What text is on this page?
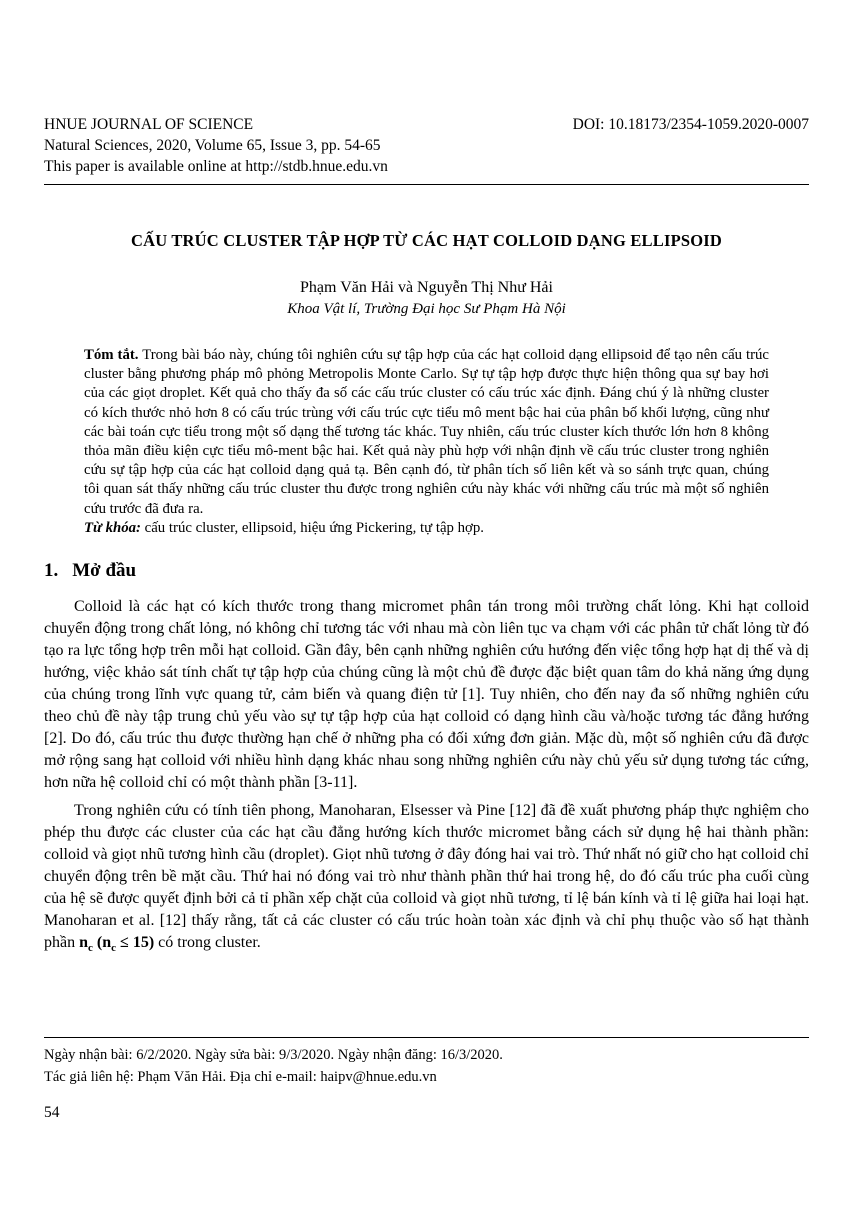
HNUE JOURNAL OF SCIENCE	DOI: 10.18173/2354-1059.2020-0007
Natural Sciences, 2020, Volume 65, Issue 3, pp. 54-65
This paper is available online at http://stdb.hnue.edu.vn
CẤU TRÚC CLUSTER TẬP HỢP TỪ CÁC HẠT COLLOID DẠNG ELLIPSOID
Phạm Văn Hải và Nguyễn Thị Như Hải
Khoa Vật lí, Trường Đại học Sư Phạm Hà Nội
Tóm tắt. Trong bài báo này, chúng tôi nghiên cứu sự tập hợp của các hạt colloid dạng ellipsoid để tạo nên cấu trúc cluster bằng phương pháp mô phỏng Metropolis Monte Carlo. Sự tự tập hợp được thực hiện thông qua sự bay hơi của các giọt droplet. Kết quả cho thấy đa số các cấu trúc cluster có cấu trúc xác định. Đáng chú ý là những cluster có kích thước nhỏ hơn 8 có cấu trúc trùng với cấu trúc cực tiểu mô ment bậc hai của phân bố khối lượng, cũng như các bài toán cực tiểu trong một số dạng thế tương tác khác. Tuy nhiên, cấu trúc cluster kích thước lớn hơn 8 không thỏa mãn điều kiện cực tiểu mô-ment bậc hai. Kết quả này phù hợp với nhận định về cấu trúc cluster trong nghiên cứu sự tập hợp của các hạt colloid dạng quả tạ. Bên cạnh đó, từ phân tích số liên kết và so sánh trực quan, chúng tôi quan sát thấy những cấu trúc cluster thu được trong nghiên cứu này khác với những cấu trúc mà một số nghiên cứu trước đã đưa ra.
Từ khóa: cấu trúc cluster, ellipsoid, hiệu ứng Pickering, tự tập hợp.
1. Mở đầu

Colloid là các hạt có kích thước trong thang micromet phân tán trong môi trường chất lỏng. Khi hạt colloid chuyển động trong chất lỏng, nó không chỉ tương tác với nhau mà còn liên tục va chạm với các phân tử chất lỏng từ đó tạo ra lực tổng hợp trên mỗi hạt colloid. Gần đây, bên cạnh những nghiên cứu hướng đến việc tổng hợp hạt dị thế và dị hướng, việc khảo sát tính chất tự tập hợp của chúng cũng là một chủ đề được đặc biệt quan tâm do khả năng ứng dụng của chúng trong lĩnh vực quang tử, cảm biến và quang điện tử [1]. Tuy nhiên, cho đến nay đa số những nghiên cứu theo chủ đề này tập trung chủ yếu vào sự tự tập hợp của hạt colloid có dạng hình cầu và/hoặc tương tác đẳng hướng [2]. Do đó, cấu trúc thu được thường hạn chế ở những pha có đối xứng đơn giản. Mặc dù, một số nghiên cứu đã được mở rộng sang hạt colloid với nhiều hình dạng khác nhau song những nghiên cứu này chủ yếu sử dụng tương tác cứng, hơn nữa hệ colloid chỉ có một thành phần [3-11].

Trong nghiên cứu có tính tiên phong, Manoharan, Elsesser và Pine [12] đã đề xuất phương pháp thực nghiệm cho phép thu được các cluster của các hạt cầu đẳng hướng kích thước micromet bằng cách sử dụng hệ hai thành phần: colloid và giọt nhũ tương hình cầu (droplet). Giọt nhũ tương ở đây đóng hai vai trò. Thứ nhất nó giữ cho hạt colloid chỉ chuyển động trên bề mặt cầu. Thứ hai nó đóng vai trò như thành phần thứ hai trong hệ, do đó cấu trúc pha cuối cùng của hệ sẽ được quyết định bởi cả tỉ phần xếp chặt của colloid và giọt nhũ tương, tỉ lệ bán kính và tỉ lệ giữa hai loại hạt. Manoharan et al. [12] thấy rằng, tất cả các cluster có cấu trúc hoàn toàn xác định và chỉ phụ thuộc vào số hạt thành phần $n_c$ $(n_c \le 15)$ có trong cluster.

Ngày nhận bài: 6/2/2020. Ngày sửa bài: 9/3/2020. Ngày nhận đăng: 16/3/2020.
Tác giả liên hệ: Phạm Văn Hải. Địa chỉ e-mail: haipv@hnue.edu.vn
54
